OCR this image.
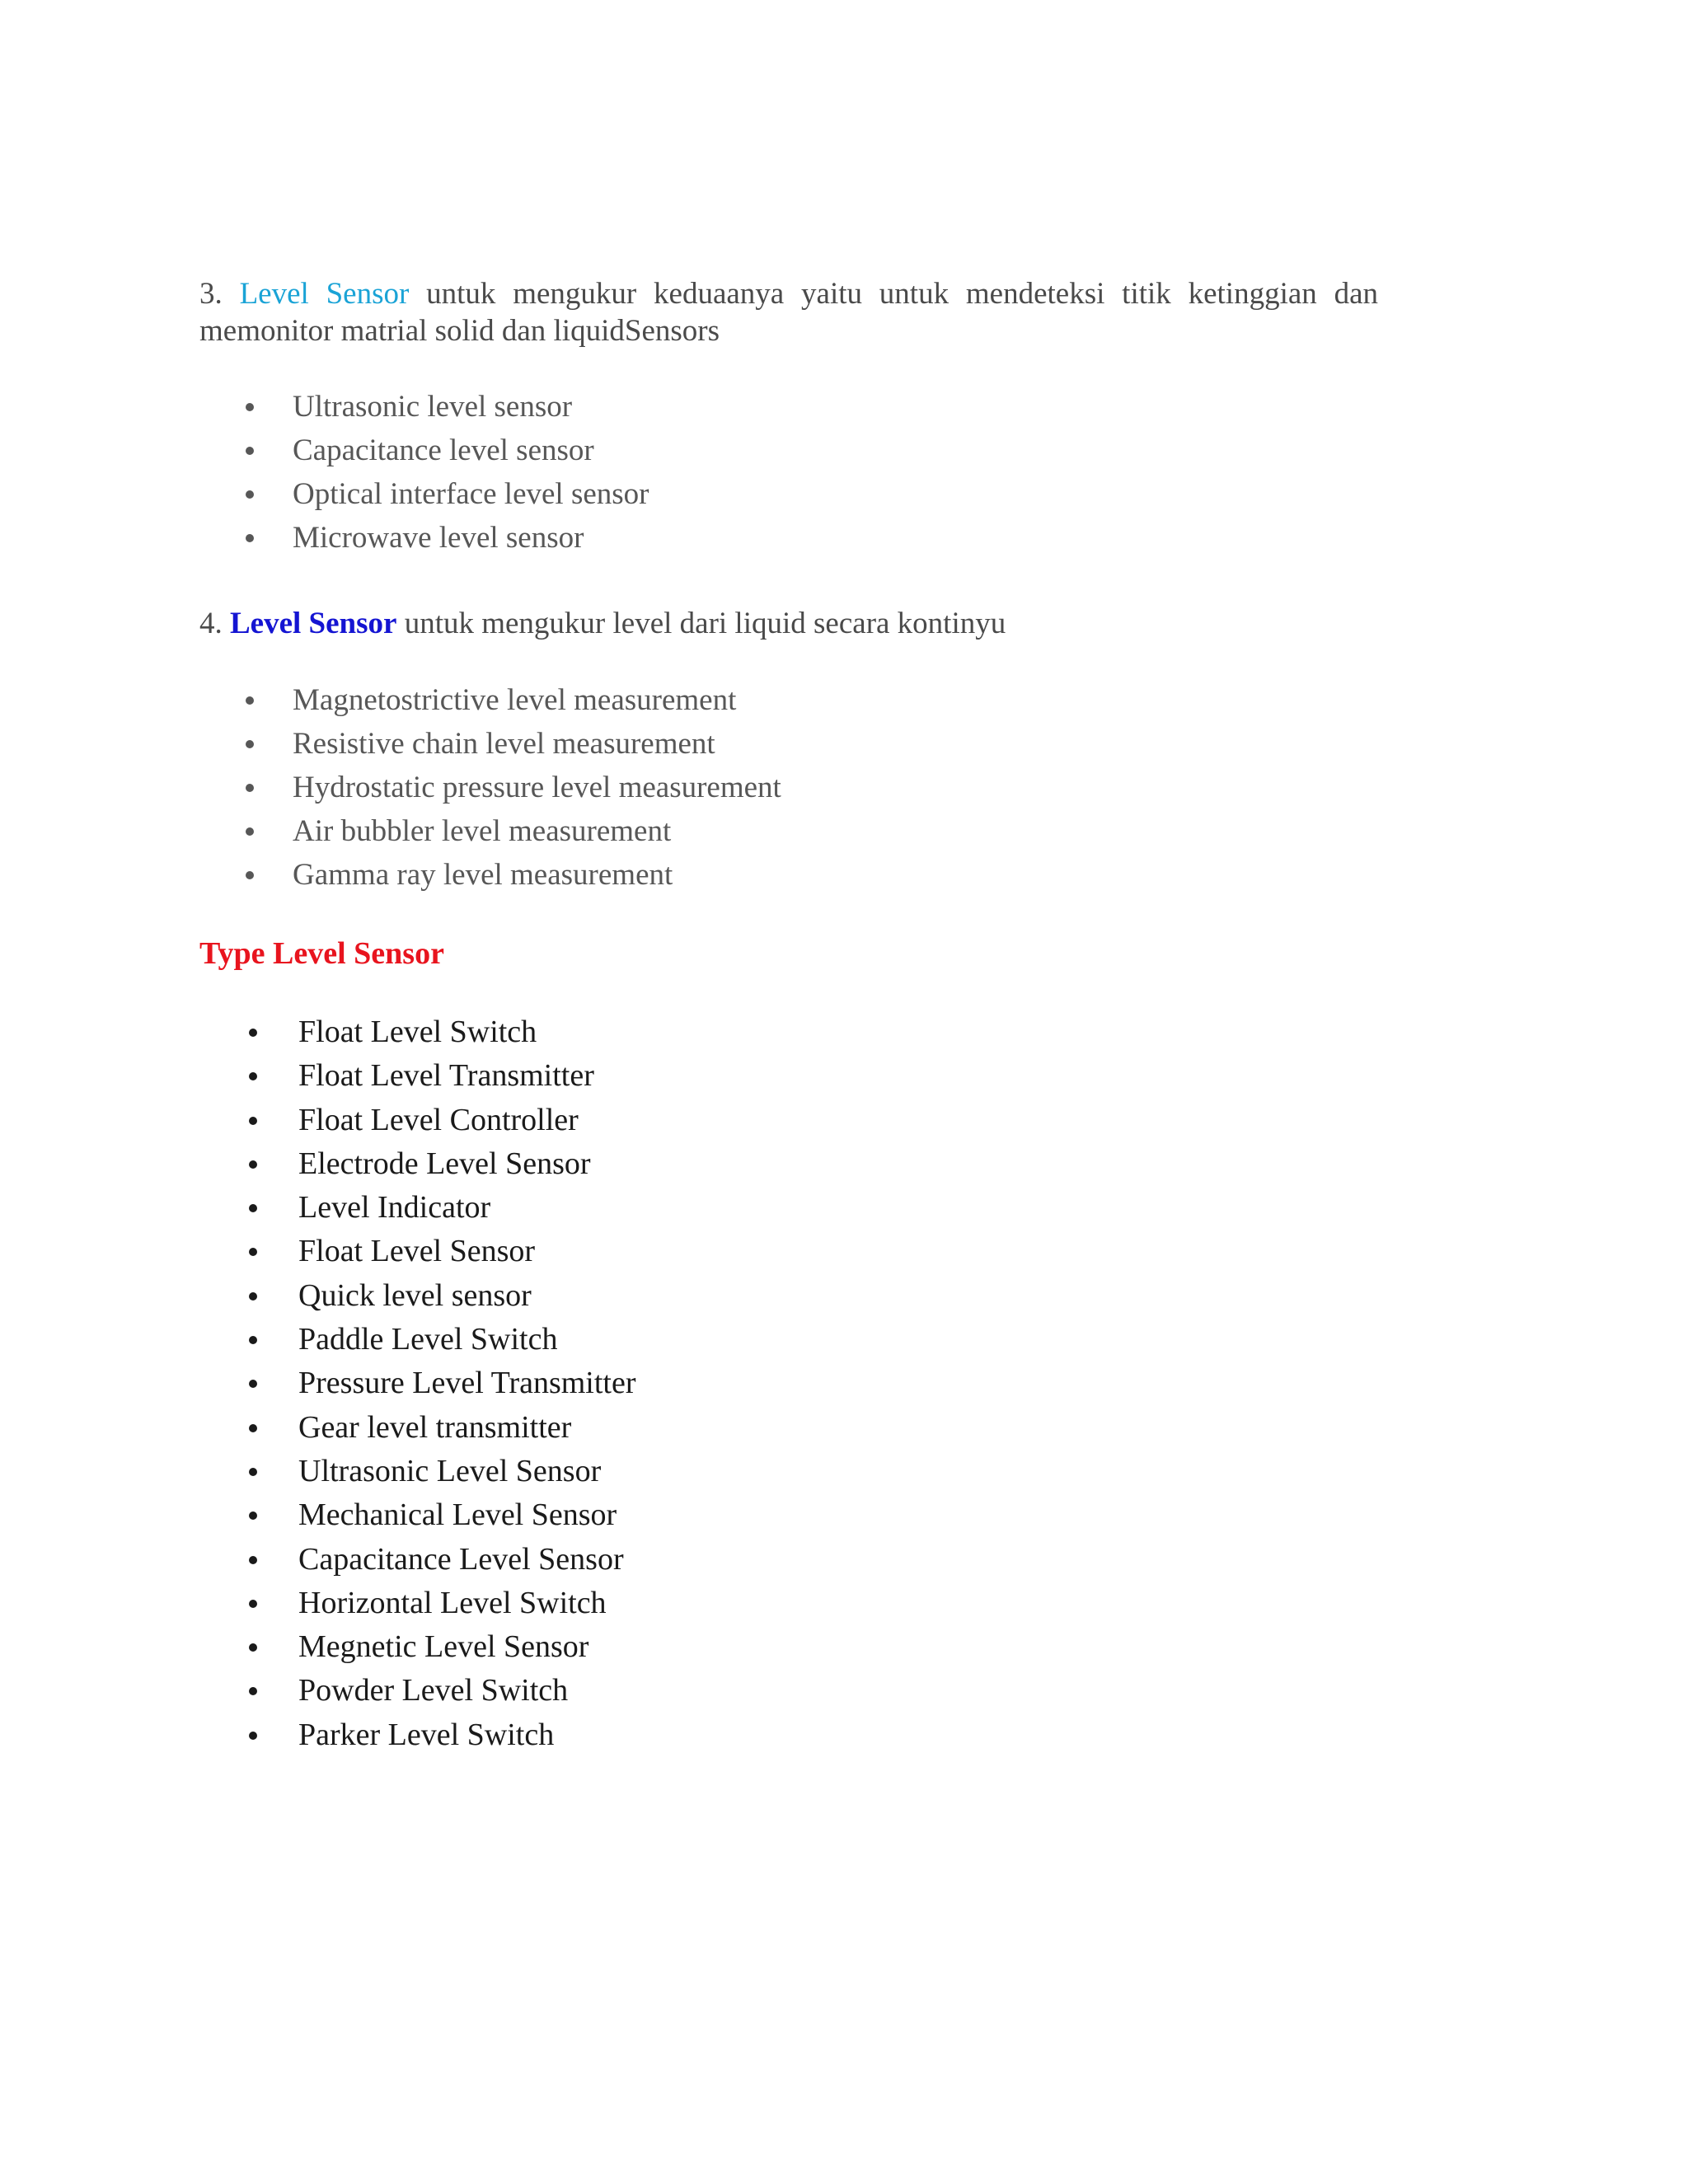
3. Level Sensor untuk mengukur keduaanya yaitu untuk mendeteksi titik ketinggian dan memonitor matrial solid dan liquidSensors

Ultrasonic level sensor
Capacitance level sensor
Optical interface level sensor
Microwave level sensor

4. Level Sensor untuk mengukur level dari liquid secara kontinyu

Magnetostrictive level measurement
Resistive chain level measurement
Hydrostatic pressure level measurement
Air bubbler level measurement
Gamma ray level measurement
Type Level Sensor
Float Level Switch
Float Level Transmitter
Float Level Controller
Electrode Level Sensor
Level Indicator
Float Level Sensor
Quick level sensor
Paddle Level Switch
Pressure Level Transmitter
Gear level transmitter
Ultrasonic Level Sensor
Mechanical Level Sensor
Capacitance Level Sensor
Horizontal Level Switch
Megnetic Level Sensor
Powder Level Switch
Parker Level Switch
